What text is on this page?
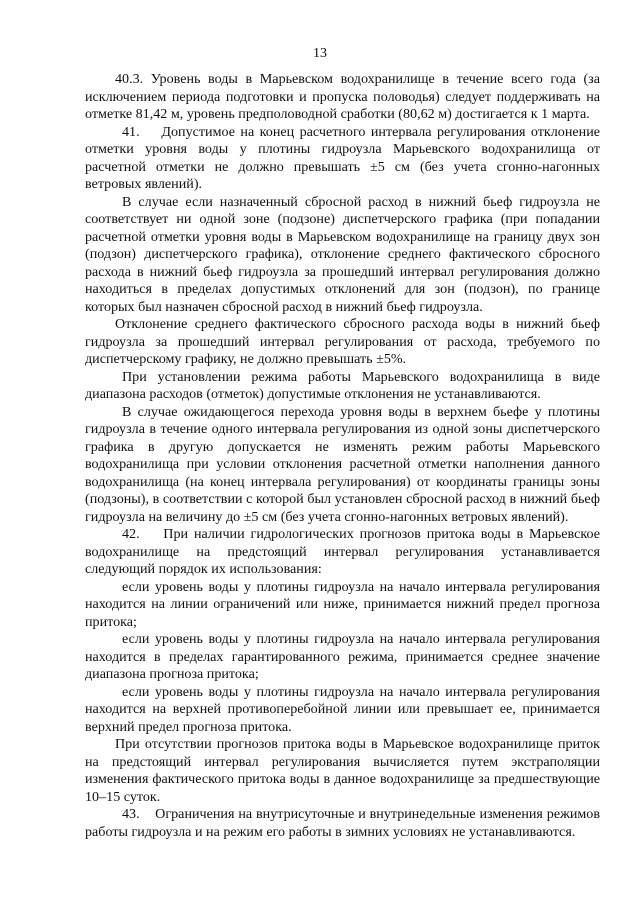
13

40.3. Уровень воды в Марьевском водохранилище в течение всего года (за исключением периода подготовки и пропуска половодья) следует поддерживать на отметке 81,42 м, уровень предполоводной сработки (80,62 м) достигается к 1 марта.

41.    Допустимое на конец расчетного интервала регулирования отклонение отметки уровня воды у плотины гидроузла Марьевского водохранилища от расчетной отметки не должно превышать ±5 см (без учета сгонно-нагонных ветровых явлений).

В случае если назначенный сбросной расход в нижний бьеф гидроузла не соответствует ни одной зоне (подзоне) диспетчерского графика (при попадании расчетной отметки уровня воды в Марьевском водохранилище на границу двух зон (подзон) диспетчерского графика), отклонение среднего фактического сбросного расхода в нижний бьеф гидроузла за прошедший интервал регулирования должно находиться в пределах допустимых отклонений для зон (подзон), по границе которых был назначен сбросной расход в нижний бьеф гидроузла.

Отклонение среднего фактического сбросного расхода воды в нижний бьеф гидроузла за прошедший интервал регулирования от расхода, требуемого по диспетчерскому графику, не должно превышать ±5%.

При установлении режима работы Марьевского водохранилища в виде диапазона расходов (отметок) допустимые отклонения не устанавливаются.

В случае ожидающегося перехода уровня воды в верхнем бьефе у плотины гидроузла в течение одного интервала регулирования из одной зоны диспетчерского графика в другую допускается не изменять режим работы Марьевского водохранилища при условии отклонения расчетной отметки наполнения данного водохранилища (на конец интервала регулирования) от координаты границы зоны (подзоны), в соответствии с которой был установлен сбросной расход в нижний бьеф гидроузла на величину до ±5 см (без учета сгонно-нагонных ветровых явлений).

42.    При наличии гидрологических прогнозов притока воды в Марьевское водохранилище на предстоящий интервал регулирования устанавливается следующий порядок их использования:

если уровень воды у плотины гидроузла на начало интервала регулирования находится на линии ограничений или ниже, принимается нижний предел прогноза притока;

если уровень воды у плотины гидроузла на начало интервала регулирования находится в пределах гарантированного режима, принимается среднее значение диапазона прогноза притока;

если уровень воды у плотины гидроузла на начало интервала регулирования находится на верхней противоперебойной линии или превышает ее, принимается верхний предел прогноза притока.

При отсутствии прогнозов притока воды в Марьевское водохранилище приток на предстоящий интервал регулирования вычисляется путем экстраполяции изменения фактического притока воды в данное водохранилище за предшествующие 10–15 суток.

43.    Ограничения на внутрисуточные и внутринедельные изменения режимов работы гидроузла и на режим его работы в зимних условиях не устанавливаются.
